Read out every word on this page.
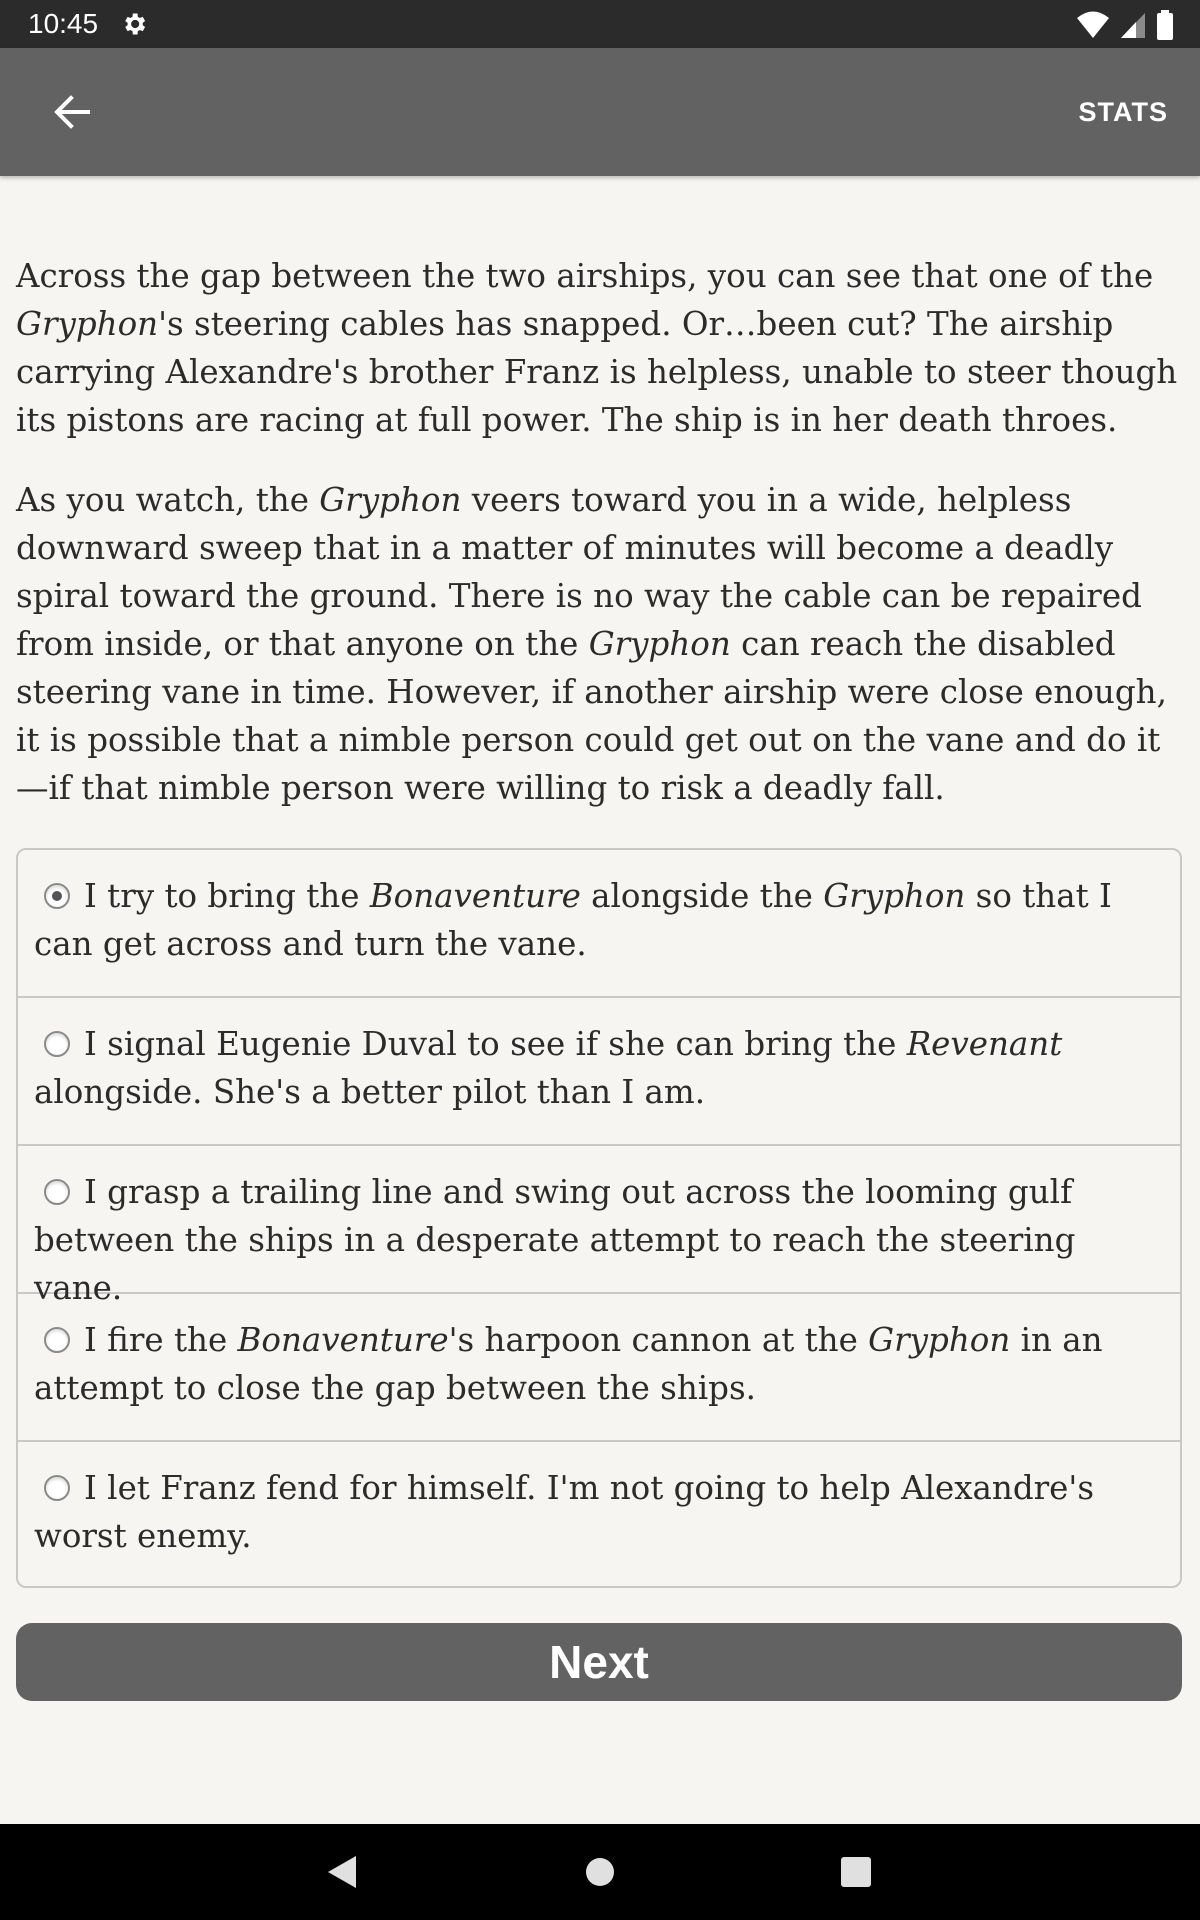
10:45
STATS

Across the gap between the two airships, you can see that one of the Gryphon's steering cables has snapped. Or…been cut? The airship carrying Alexandre's brother Franz is helpless, unable to steer though its pistons are racing at full power. The ship is in her death throes.

As you watch, the Gryphon veers toward you in a wide, helpless downward sweep that in a matter of minutes will become a deadly spiral toward the ground. There is no way the cable can be repaired from inside, or that anyone on the Gryphon can reach the disabled steering vane in time. However, if another airship were close enough, it is possible that a nimble person could get out on the vane and do it—if that nimble person were willing to risk a deadly fall.

I try to bring the Bonaventure alongside the Gryphon so that I can get across and turn the vane.
I signal Eugenie Duval to see if she can bring the Revenant alongside. She's a better pilot than I am.
I grasp a trailing line and swing out across the looming gulf between the ships in a desperate attempt to reach the steering vane.
I fire the Bonaventure's harpoon cannon at the Gryphon in an attempt to close the gap between the ships.
I let Franz fend for himself. I'm not going to help Alexandre's worst enemy.
Next
